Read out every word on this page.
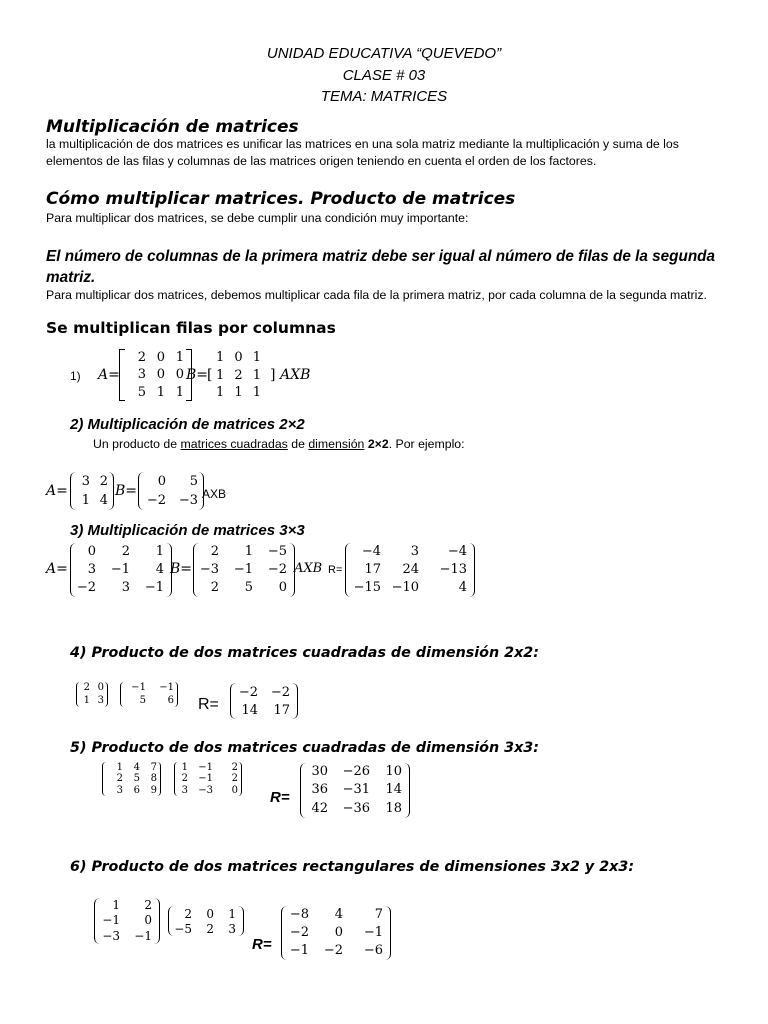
UNIDAD EDUCATIVA “QUEVEDO”
CLASE # 03
TEMA: MATRICES
Multiplicación de matrices
la multiplicación de dos matrices es unificar las matrices en una sola matriz mediante la multiplicación y suma de los elementos de las filas y columnas de las matrices origen teniendo en cuenta el orden de los factores.
Cómo multiplicar matrices. Producto de matrices
Para multiplicar dos matrices, se debe cumplir una condición muy importante:
El número de columnas de la primera matriz debe ser igual al número de filas de la segunda matriz.
Para multiplicar dos matrices, debemos multiplicar cada fila de la primera matriz, por cada columna de la segunda matriz.
Se multiplican filas por columnas
1) A=
2 0 1
3 0 0
5 1 1
B=
1 0 1
[ 1 2 1 ]
1 1 1
AXB
2) Multiplicación de matrices 2×2
Un producto de matrices cuadradas de dimensión 2×2. Por ejemplo:
A=
3 2
1 4
B=
0 5
−2 −3 AXB
3) Multiplicación de matrices 3×3
A=
0 2 1
3 −1 4
−2 3 −1
B=
2 1 −5
−3 −1 −2
2 5 0
AXB R=
−4 3 −4
17 24 −13
−15 −10	4
4) Producto de dos matrices cuadradas de dimensión 2x2:
2 0
1 3
−1 −1
5 6 R=
−2 −2
14 17
5) Producto de dos matrices cuadradas de dimensión 3x3:
1 4 7
2 5 8
3 6 9
1 −1 2
2 −1 2
3 −3 0 R=
30 −26 10
36 −31 14
42 −36 18
6) Producto de dos matrices rectangulares de dimensiones 3x2 y 2x3:
1 2
−1 0
−3 −1
2 0 1
−5 2 3
R=
−8 4 7
−2 0 −1
−1 −2 −6
